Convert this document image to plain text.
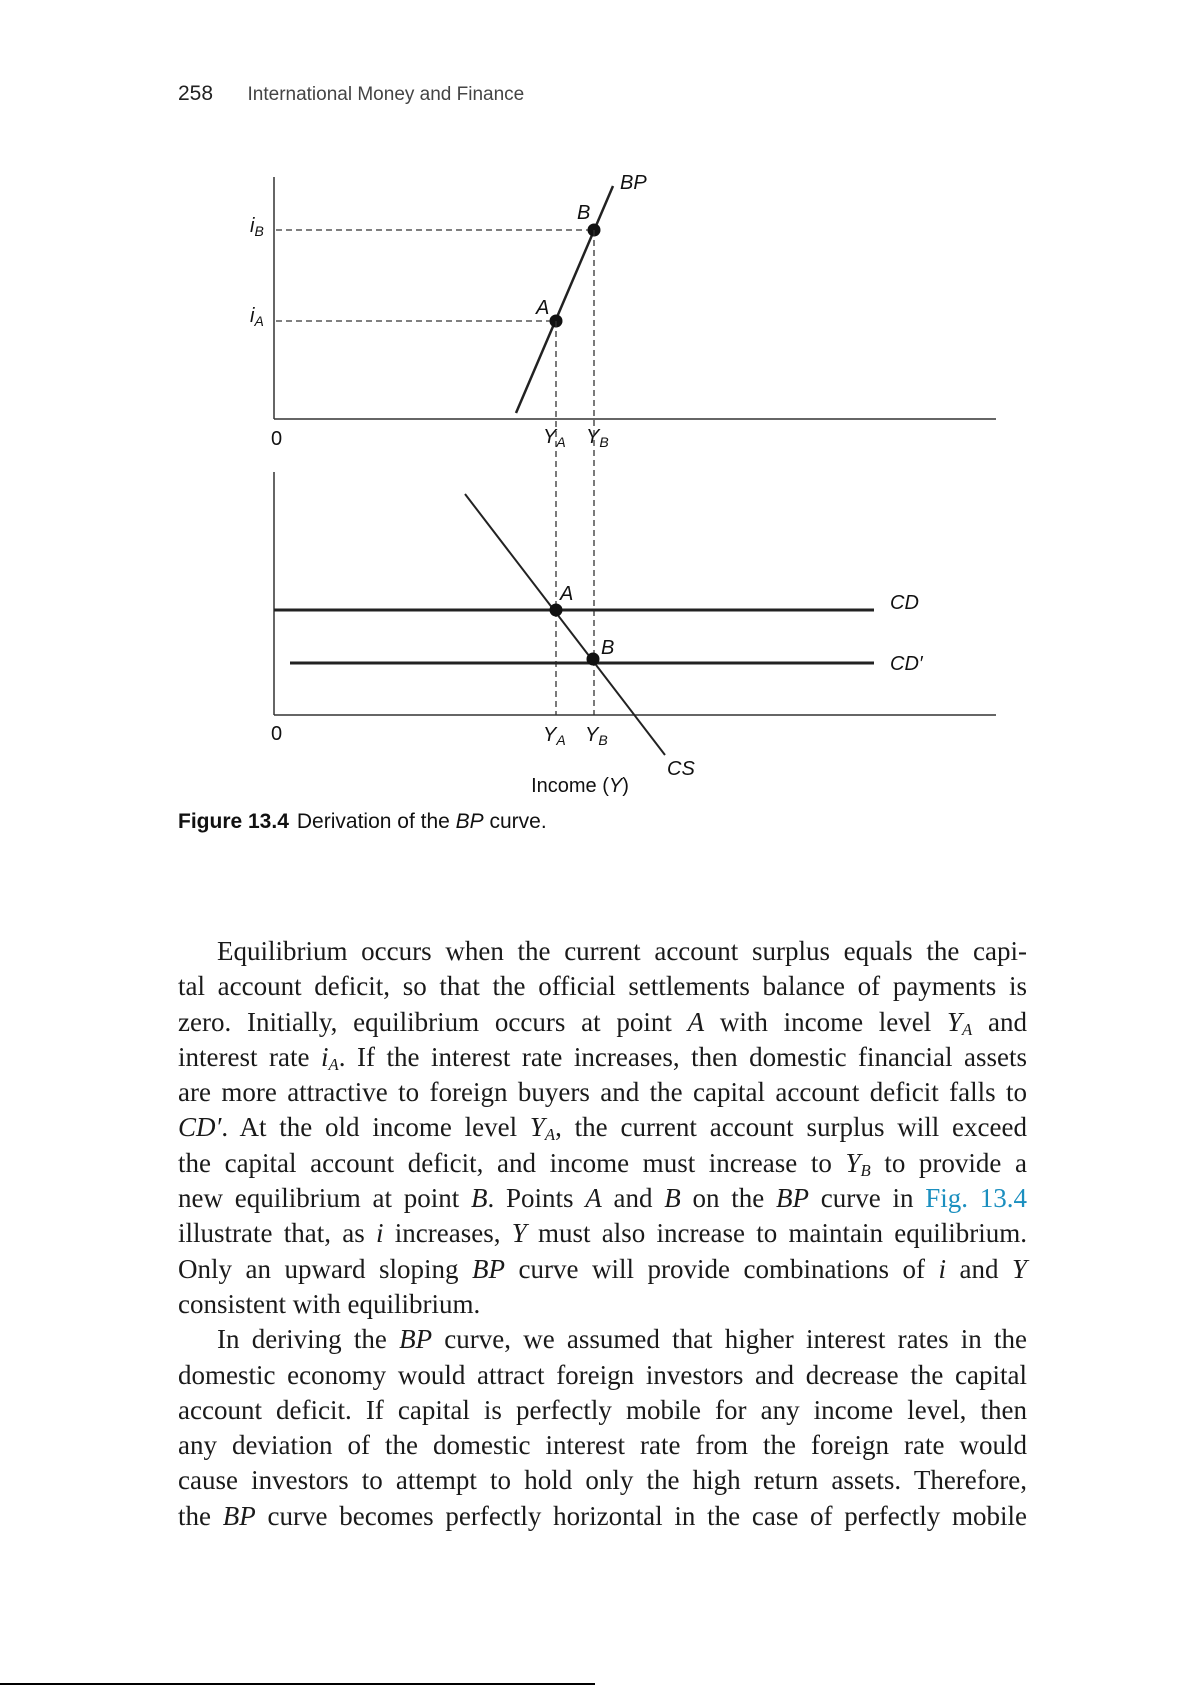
258 International Money and Finance
$i_B$
$i_A$
BP
B
A
0	$Y_A$ $Y_B$
A
B
CD
CD′
CS
0	$Y_A$ $Y_B$
Income (Y)
Figure 13.4 Derivation of the BP curve.
Equilibrium occurs when the current account surplus equals the capi-
tal account deficit, so that the official settlements balance of payments is
zero. Initially, equilibrium occurs at point A with income level $Y_A$ and
interest rate $i_A$. If the interest rate increases, then domestic financial assets
are more attractive to foreign buyers and the capital account deficit falls to
CD′. At the old income level $Y_A$, the current account surplus will exceed
the capital account deficit, and income must increase to $Y_B$ to provide a
new equilibrium at point B. Points A and B on the BP curve in Fig. 13.4
illustrate that, as i increases, Y must also increase to maintain equilibrium.
Only an upward sloping BP curve will provide combinations of i and Y
consistent with equilibrium.
In deriving the BP curve, we assumed that higher interest rates in the
domestic economy would attract foreign investors and decrease the capital
account deficit. If capital is perfectly mobile for any income level, then
any deviation of the domestic interest rate from the foreign rate would
cause investors to attempt to hold only the high return assets. Therefore,
the BP curve becomes perfectly horizontal in the case of perfectly mobile
